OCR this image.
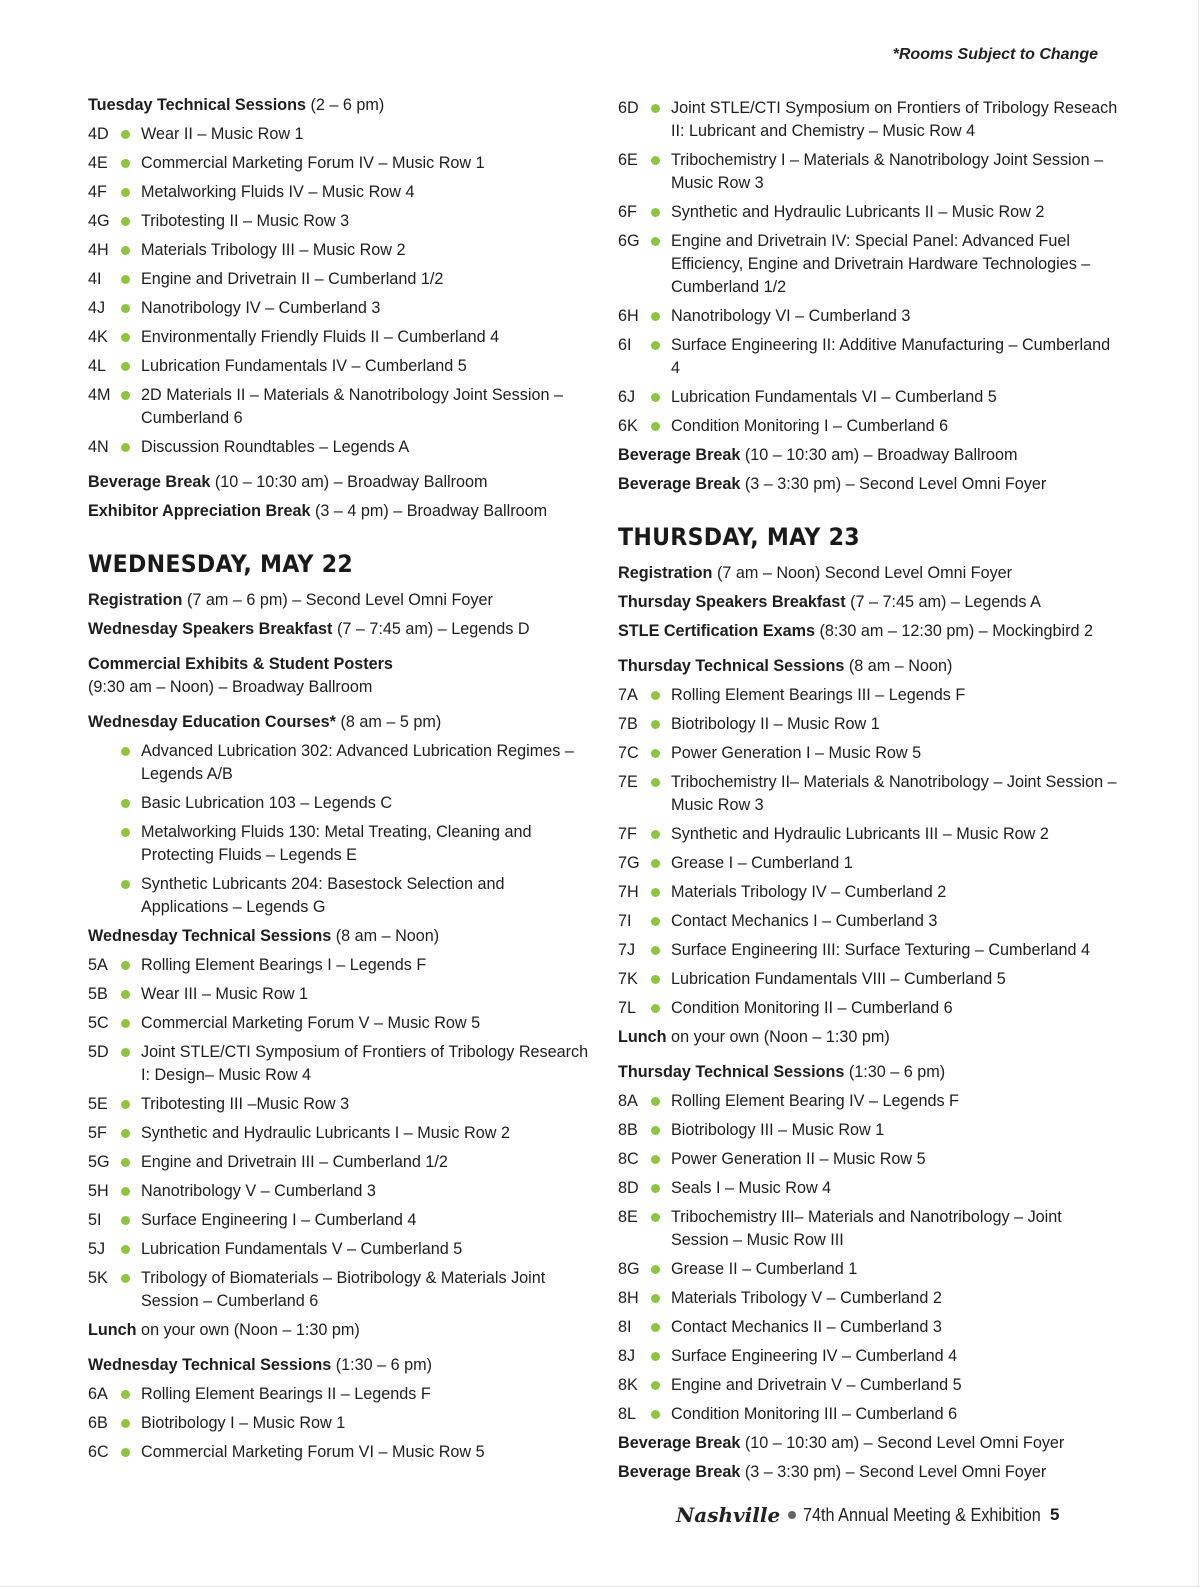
*Rooms Subject to Change
Tuesday Technical Sessions (2 – 6 pm)
4D	Wear II – Music Row 1
4E	Commercial Marketing Forum IV – Music Row 1
4F	Metalworking Fluids IV – Music Row 4
4G	Tribotesting II – Music Row 3
4H	Materials Tribology III – Music Row 2
4I	Engine and Drivetrain II – Cumberland 1/2
4J	Nanotribology IV – Cumberland 3
4K	Environmentally Friendly Fluids II – Cumberland 4
4L	Lubrication Fundamentals IV – Cumberland 5
4M	2D Materials II – Materials & Nanotribology Joint Session – Cumberland 6
4N	Discussion Roundtables – Legends A
Beverage Break (10 – 10:30 am) – Broadway Ballroom
Exhibitor Appreciation Break (3 – 4 pm) – Broadway Ballroom
WEDNESDAY, MAY 22
Registration (7 am – 6 pm) – Second Level Omni Foyer
Wednesday Speakers Breakfast (7 – 7:45 am) – Legends D
Commercial Exhibits & Student Posters
(9:30 am – Noon) – Broadway Ballroom
Wednesday Education Courses* (8 am – 5 pm)
Advanced Lubrication 302: Advanced Lubrication Regimes – Legends A/B
Basic Lubrication 103 – Legends C
Metalworking Fluids 130: Metal Treating, Cleaning and Protecting Fluids – Legends E
Synthetic Lubricants 204: Basestock Selection and Applications – Legends G
Wednesday Technical Sessions (8 am – Noon)
5A	Rolling Element Bearings I – Legends F
5B	Wear III – Music Row 1
5C	Commercial Marketing Forum V – Music Row 5
5D	Joint STLE/CTI Symposium of Frontiers of Tribology Research I: Design– Music Row 4
5E	Tribotesting III –Music Row 3
5F	Synthetic and Hydraulic Lubricants I – Music Row 2
5G	Engine and Drivetrain III – Cumberland 1/2
5H	Nanotribology V – Cumberland 3
5I	Surface Engineering I – Cumberland 4
5J	Lubrication Fundamentals V – Cumberland 5
5K	Tribology of Biomaterials – Biotribology & Materials Joint Session – Cumberland 6
Lunch on your own (Noon – 1:30 pm)
Wednesday Technical Sessions (1:30 – 6 pm)
6A	Rolling Element Bearings II – Legends F
6B	Biotribology I – Music Row 1
6C	Commercial Marketing Forum VI – Music Row 5
6D	Joint STLE/CTI Symposium on Frontiers of Tribology Reseach II: Lubricant and Chemistry – Music Row 4
6E	Tribochemistry I – Materials & Nanotribology Joint Session – Music Row 3
6F	Synthetic and Hydraulic Lubricants II – Music Row 2
6G	Engine and Drivetrain IV: Special Panel: Advanced Fuel Efficiency, Engine and Drivetrain Hardware Technologies – Cumberland 1/2
6H	Nanotribology VI – Cumberland 3
6I	Surface Engineering II: Additive Manufacturing – Cumberland 4
6J	Lubrication Fundamentals VI – Cumberland 5
6K	Condition Monitoring I – Cumberland 6
Beverage Break (10 – 10:30 am) – Broadway Ballroom
Beverage Break (3 – 3:30 pm) – Second Level Omni Foyer
THURSDAY, MAY 23
Registration (7 am – Noon) Second Level Omni Foyer
Thursday Speakers Breakfast (7 – 7:45 am) – Legends A
STLE Certification Exams (8:30 am – 12:30 pm) – Mockingbird 2
Thursday Technical Sessions (8 am – Noon)
7A	Rolling Element Bearings III – Legends F
7B	Biotribology II – Music Row 1
7C	Power Generation I – Music Row 5
7E	Tribochemistry II– Materials & Nanotribology – Joint Session – Music Row 3
7F	Synthetic and Hydraulic Lubricants III – Music Row 2
7G	Grease I – Cumberland 1
7H	Materials Tribology IV – Cumberland 2
7I	Contact Mechanics I – Cumberland 3
7J	Surface Engineering III: Surface Texturing – Cumberland 4
7K	Lubrication Fundamentals VIII – Cumberland 5
7L	Condition Monitoring II – Cumberland 6
Lunch on your own (Noon – 1:30 pm)
Thursday Technical Sessions (1:30 – 6 pm)
8A	Rolling Element Bearing IV – Legends F
8B	Biotribology III – Music Row 1
8C	Power Generation II – Music Row 5
8D	Seals I – Music Row 4
8E	Tribochemistry III– Materials and Nanotribology – Joint Session – Music Row III
8G	Grease II – Cumberland 1
8H	Materials Tribology V – Cumberland 2
8I	Contact Mechanics II – Cumberland 3
8J	Surface Engineering IV – Cumberland 4
8K	Engine and Drivetrain V – Cumberland 5
8L	Condition Monitoring III – Cumberland 6
Beverage Break (10 – 10:30 am) – Second Level Omni Foyer
Beverage Break (3 – 3:30 pm) – Second Level Omni Foyer
Nashville 74th Annual Meeting & Exhibition 5
